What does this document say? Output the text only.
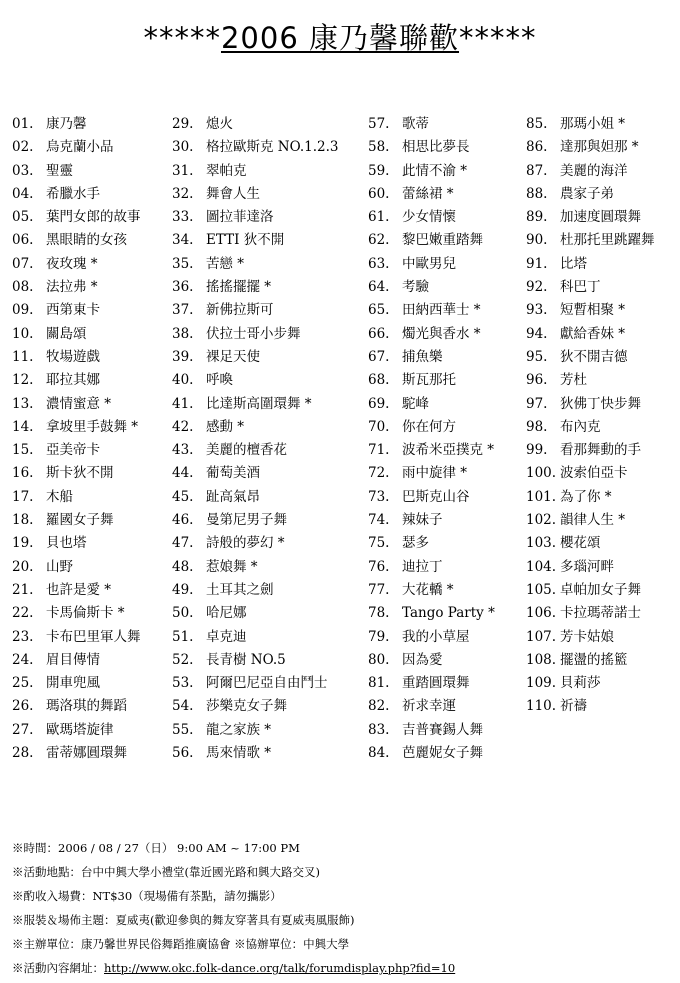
*****2006 康乃馨聯歡*****
01. 康乃馨
02. 烏克蘭小品
03. 聖靈
04. 希臘水手
05. 葉門女郎的故事
06. 黑眼睛的女孩
07. 夜玫瑰 *
08. 法拉弗 *
09. 西第東卡
10. 關島頌
11. 牧場遊戲
12. 耶拉其娜
13. 濃情蜜意 *
14. 拿坡里手鼓舞 *
15. 亞美帝卡
16. 斯卡狄不開
17. 木船
18. 羅國女子舞
19. 貝也塔
20. 山野
21. 也許是愛 *
22. 卡馬倫斯卡 *
23. 卡布巴里軍人舞
24. 眉目傳情
25. 開車兜風
26. 瑪洛琪的舞蹈
27. 歐瑪塔旋律
28. 雷蒂娜圓環舞
29. 熄火
30. 格拉歐斯克 NO.1.2.3
31. 翠帕克
32. 舞會人生
33. 圖拉菲達洛
34. ETTI 狄不開
35. 苦戀 *
36. 搖搖擺擺 *
37. 新佛拉斯可
38. 伏拉士哥小步舞
39. 裸足天使
40. 呼喚
41. 比達斯高圍環舞 *
42. 感動 *
43. 美麗的檀香花
44. 葡萄美酒
45. 趾高氣昂
46. 曼第尼男子舞
47. 詩般的夢幻 *
48. 惹娘舞 *
49. 土耳其之劍
50. 哈尼娜
51. 卓克迪
52. 長青樹 NO.5
53. 阿爾巴尼亞自由鬥士
54. 莎樂克女子舞
55. 龍之家族 *
56. 馬來情歌 *
57. 歌蒂
58. 相思比夢長
59. 此情不渝 *
60. 蕾絲裙 *
61. 少女情懷
62. 黎巴嫩重踏舞
63. 中歐男兒
64. 考驗
65. 田納西華士 *
66. 燭光與香水 *
67. 捕魚樂
68. 斯瓦那托
69. 駝峰
70. 你在何方
71. 波希米亞撲克 *
72. 雨中旋律 *
73. 巴斯克山谷
74. 辣妹子
75. 瑟多
76. 迪拉丁
77. 大花轎 *
78. Tango Party *
79. 我的小草屋
80. 因為愛
81. 重踏圓環舞
82. 祈求幸運
83. 吉普賽錫人舞
84. 芭麗妮女子舞
85. 那瑪小姐 *
86. 達那與妲那 *
87. 美麗的海洋
88. 農家子弟
89. 加速度圓環舞
90. 杜那托里跳躍舞
91. 比塔
92. 科巴丁
93. 短暫相聚 *
94. 獻給香妹 *
95. 狄不開吉德
96. 芳杜
97. 狄佛丁快步舞
98. 布內克
99. 看那舞動的手
100. 波索伯亞卡
101. 為了你 *
102. 韻律人生 *
103. 櫻花頌
104. 多瑙河畔
105. 卓帕加女子舞
106. 卡拉瑪蒂諾士
107. 芳卡姑娘
108. 擺盪的搖籃
109. 貝莉莎
110. 祈禱
※時間：2006 / 08 / 27（日） 9:00 AM ~ 17:00 PM
※活動地點：台中中興大學小禮堂(靠近國光路和興大路交叉)
※酌收入場費：NT$30（現場備有茶點，請勿攜影）
※服裝＆場佈主題：夏威夷(歡迎參與的舞友穿著具有夏威夷風服飾)
※主辦單位：康乃馨世界民俗舞蹈推廣協會 ※協辦單位：中興大學
※活動內容網址：http://www.okc.folk-dance.org/talk/forumdisplay.php?fid=10
